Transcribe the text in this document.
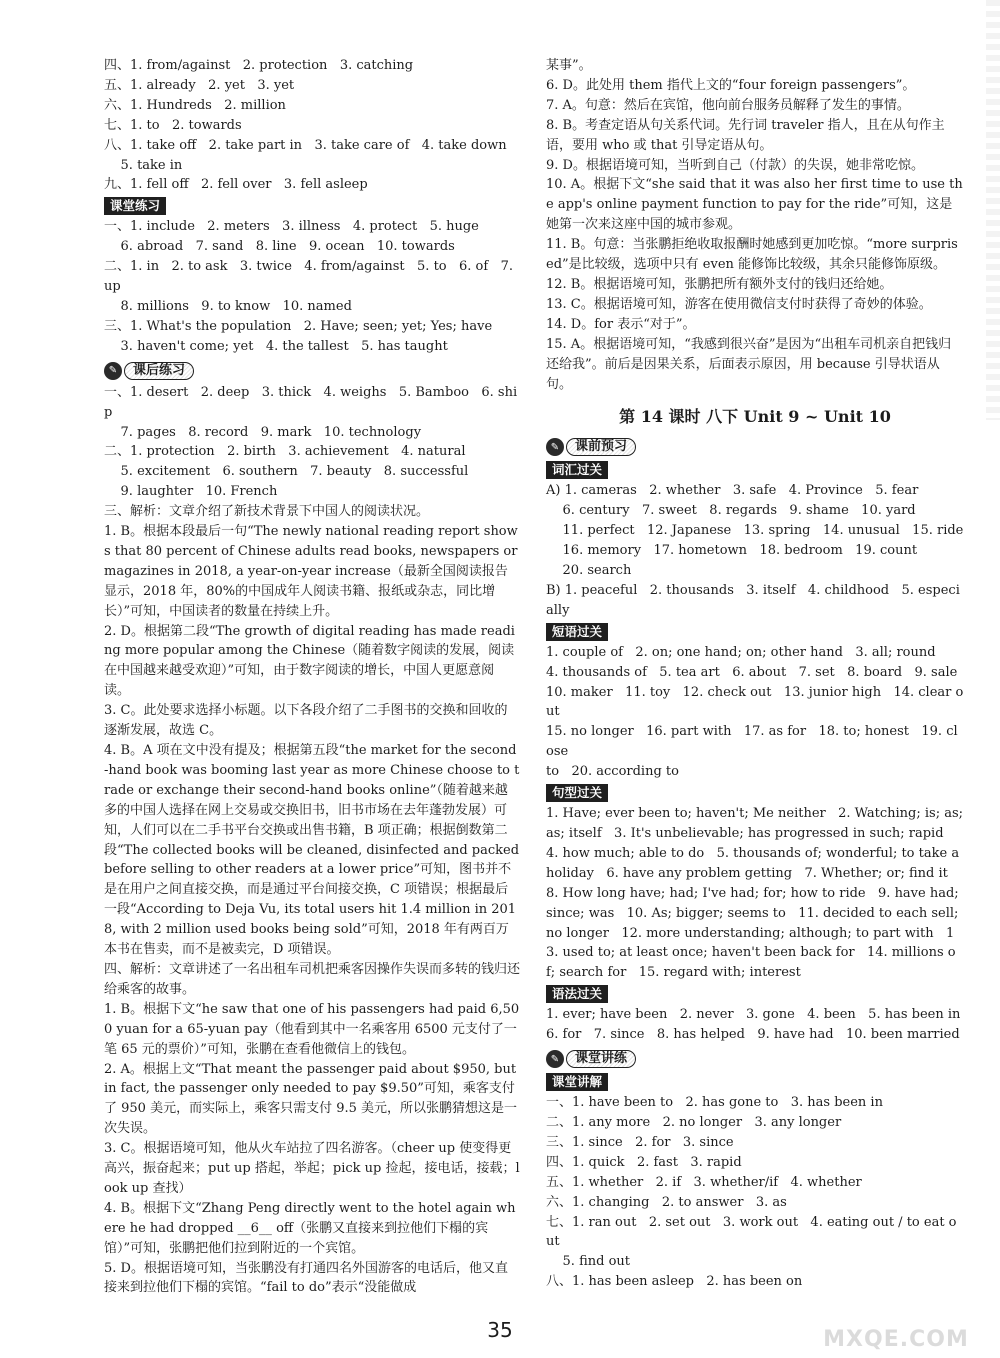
四、1. from/against   2. protection   3. catching
五、1. already   2. yet   3. yet
六、1. Hundreds   2. million
七、1. to   2. towards
八、1. take off   2. take part in   3. take care of   4. take down
5. take in
九、1. fell off   2. fell over   3. fell asleep
课堂练习
一、1. include   2. meters   3. illness   4. protect   5. huge
6. abroad   7. sand   8. line   9. ocean   10. towards
二、1. in   2. to ask   3. twice   4. from/against   5. to   6. of   7. up
8. millions   9. to know   10. named
三、1. What's the population   2. Have; seen; yet; Yes; have
3. haven't come; yet   4. the tallest   5. has taught
✎	课后练习
一、1. desert   2. deep   3. thick   4. weighs   5. Bamboo   6. ship
7. pages   8. record   9. mark   10. technology
二、1. protection   2. birth   3. achievement   4. natural
5. excitement   6. southern   7. beauty   8. successful
9. laughter   10. French
三、解析：文章介绍了新技术背景下中国人的阅读状况。
1. B。根据本段最后一句“The newly national reading report shows that 80 percent of Chinese adults read books, newspapers or magazines in 2018, a year-on-year increase（最新全国阅读报告显示，2018 年，80%的中国成年人阅读书籍、报纸或杂志，同比增长）”可知，中国读者的数量在持续上升。
2. D。根据第二段“The growth of digital reading has made reading more popular among the Chinese（随着数字阅读的发展，阅读在中国越来越受欢迎）”可知，由于数字阅读的增长，中国人更愿意阅读。
3. C。此处要求选择小标题。以下各段介绍了二手图书的交换和回收的逐渐发展，故选 C。
4. B。A 项在文中没有提及；根据第五段“the market for the second-hand book was booming last year as more Chinese choose to trade or exchange their second-hand books online”（随着越来越多的中国人选择在网上交易或交换旧书，旧书市场在去年蓬勃发展）可知，人们可以在二手书平台交换或出售书籍，B 项正确；根据倒数第二段“The collected books will be cleaned, disinfected and packed before selling to other readers at a lower price”可知，图书并不是在用户之间直接交换，而是通过平台间接交换，C 项错误；根据最后一段“According to Deja Vu, its total users hit 1.4 million in 2018, with 2 million used books being sold”可知，2018 年有两百万本书在售卖，而不是被卖完，D 项错误。
四、解析：文章讲述了一名出租车司机把乘客因操作失误而多转的钱归还给乘客的故事。
1. B。根据下文“he saw that one of his passengers had paid 6,500 yuan for a 65-yuan pay（他看到其中一名乘客用 6500 元支付了一笔 65 元的票价）”可知，张鹏在查看他微信上的钱包。
2. A。根据上文“That meant the passenger paid about $950, but in fact, the passenger only needed to pay $9.50”可知，乘客支付了 950 美元，而实际上，乘客只需支付 9.5 美元，所以张鹏猜想这是一次失误。
3. C。根据语境可知，他从火车站拉了四名游客。（cheer up 使变得更高兴，振奋起来；put up 搭起，举起；pick up 捡起，接电话，接载；look up 查找）
4. B。根据下文“Zhang Peng directly went to the hotel again where he had dropped __6__ off（张鹏又直接来到拉他们下榻的宾馆）”可知，张鹏把他们拉到附近的一个宾馆。
5. D。根据语境可知，当张鹏没有打通四名外国游客的电话后，他又直接来到拉他们下榻的宾馆。“fail to do”表示“没能做成
某事”。
6. D。此处用 them 指代上文的“four foreign passengers”。
7. A。句意：然后在宾馆，他向前台服务员解释了发生的事情。
8. B。考查定语从句关系代词。先行词 traveler 指人，且在从句作主语，要用 who 或 that 引导定语从句。
9. D。根据语境可知，当听到自己（付款）的失误，她非常吃惊。
10. A。根据下文“she said that it was also her first time to use the app's online payment function to pay for the ride”可知，这是她第一次来这座中国的城市参观。
11. B。句意：当张鹏拒绝收取报酬时她感到更加吃惊。“more surprised”是比较级，选项中只有 even 能修饰比较级，其余只能修饰原级。
12. B。根据语境可知，张鹏把所有额外支付的钱归还给她。
13. C。根据语境可知，游客在使用微信支付时获得了奇妙的体验。
14. D。for 表示“对于”。
15. A。根据语境可知，“我感到很兴奋”是因为“出租车司机亲自把钱归还给我”。前后是因果关系，后面表示原因，用 because 引导状语从句。
第 14 课时 八下 Unit 9 ~ Unit 10
✎	课前预习
词汇过关
A) 1. cameras   2. whether   3. safe   4. Province   5. fear
6. century   7. sweet   8. regards   9. shame   10. yard
11. perfect   12. Japanese   13. spring   14. unusual   15. ride
16. memory   17. hometown   18. bedroom   19. count
20. search
B) 1. peaceful   2. thousands   3. itself   4. childhood   5. especially
短语过关
1. couple of   2. on; one hand; on; other hand   3. all; round
4. thousands of   5. tea art   6. about   7. set   8. board   9. sale
10. maker   11. toy   12. check out   13. junior high   14. clear out
15. no longer   16. part with   17. as for   18. to; honest   19. close
to   20. according to
句型过关
1. Have; ever been to; haven't; Me neither   2. Watching; is; as; as; itself   3. It's unbelievable; has progressed in such; rapid
4. how much; able to do   5. thousands of; wonderful; to take a holiday   6. have any problem getting   7. Whether; or; find it
8. How long have; had; I've had; for; how to ride   9. have had; since; was   10. As; bigger; seems to   11. decided to each sell; no longer   12. more understanding; although; to part with   13. used to; at least once; haven't been back for   14. millions of; search for   15. regard with; interest
语法过关
1. ever; have been   2. never   3. gone   4. been   5. has been in
6. for   7. since   8. has helped   9. have had   10. been married
✎	课堂讲练
课堂讲解
一、1. have been to   2. has gone to   3. has been in
二、1. any more   2. no longer   3. any longer
三、1. since   2. for   3. since
四、1. quick   2. fast   3. rapid
五、1. whether   2. if   3. whether/if   4. whether
六、1. changing   2. to answer   3. as
七、1. ran out   2. set out   3. work out   4. eating out / to eat out
5. find out
八、1. has been asleep   2. has been on
35	MXQE.COM
